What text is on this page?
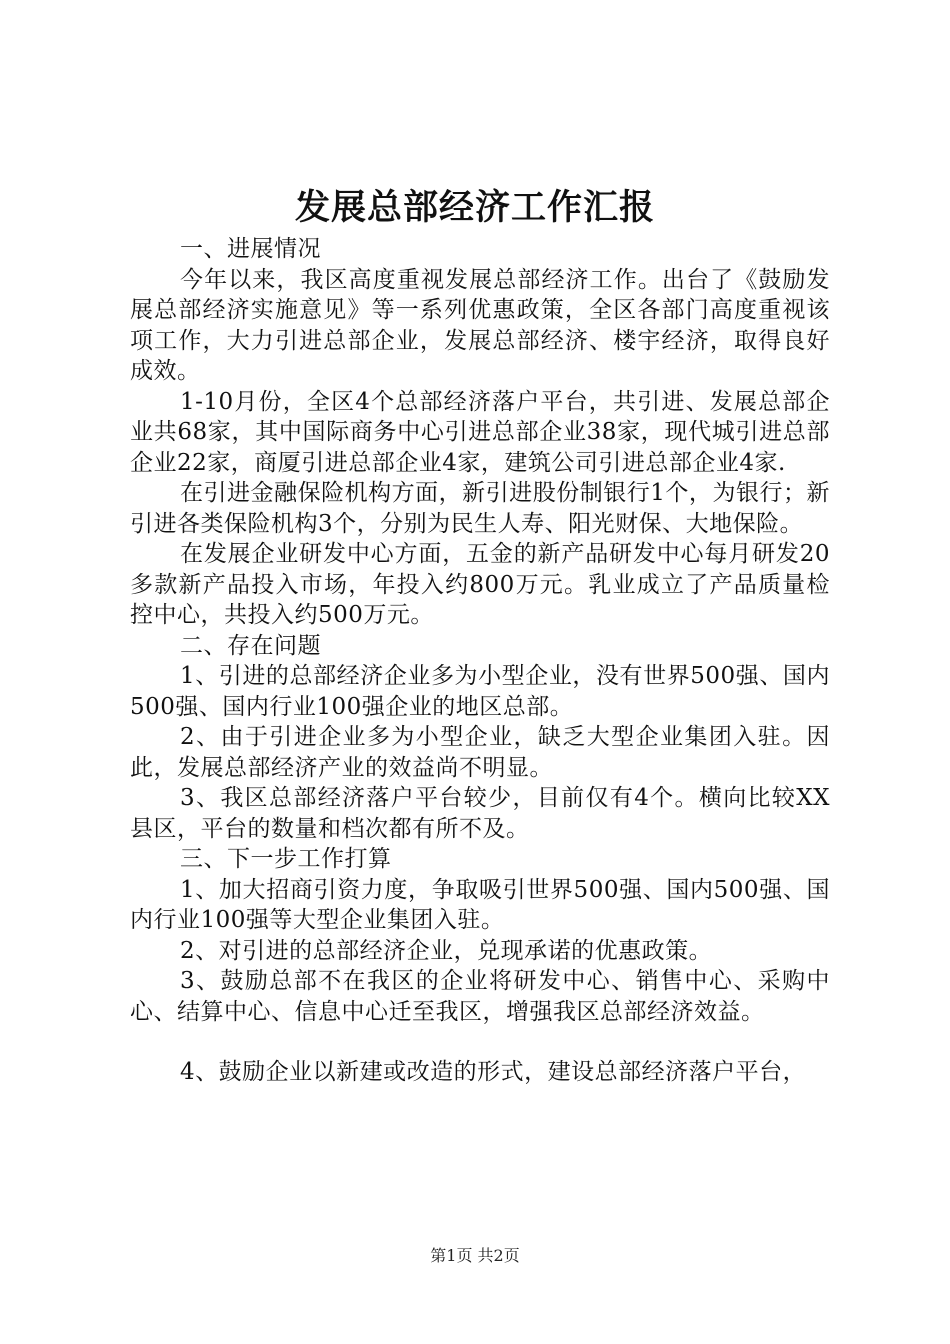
发展总部经济工作汇报
一、进展情况

今年以来，我区高度重视发展总部经济工作。出台了《鼓励发展总部经济实施意见》等一系列优惠政策，全区各部门高度重视该项工作，大力引进总部企业，发展总部经济、楼宇经济，取得良好成效。

1-10月份，全区4个总部经济落户平台，共引进、发展总部企业共68家，其中国际商务中心引进总部企业38家，现代城引进总部企业22家，商厦引进总部企业4家，建筑公司引进总部企业4家.

在引进金融保险机构方面，新引进股份制银行1个，为银行；新引进各类保险机构3个，分别为民生人寿、阳光财保、大地保险。

在发展企业研发中心方面，五金的新产品研发中心每月研发20多款新产品投入市场，年投入约800万元。乳业成立了产品质量检控中心，共投入约500万元。

二、存在问题

1、引进的总部经济企业多为小型企业，没有世界500强、国内500强、国内行业100强企业的地区总部。

2、由于引进企业多为小型企业，缺乏大型企业集团入驻。因此，发展总部经济产业的效益尚不明显。

3、我区总部经济落户平台较少，目前仅有4个。横向比较XX县区，平台的数量和档次都有所不及。

三、下一步工作打算

1、加大招商引资力度，争取吸引世界500强、国内500强、国内行业100强等大型企业集团入驻。

2、对引进的总部经济企业，兑现承诺的优惠政策。

3、鼓励总部不在我区的企业将研发中心、销售中心、采购中心、结算中心、信息中心迁至我区，增强我区总部经济效益。

4、鼓励企业以新建或改造的形式，建设总部经济落户平台，

第1页 共2页
